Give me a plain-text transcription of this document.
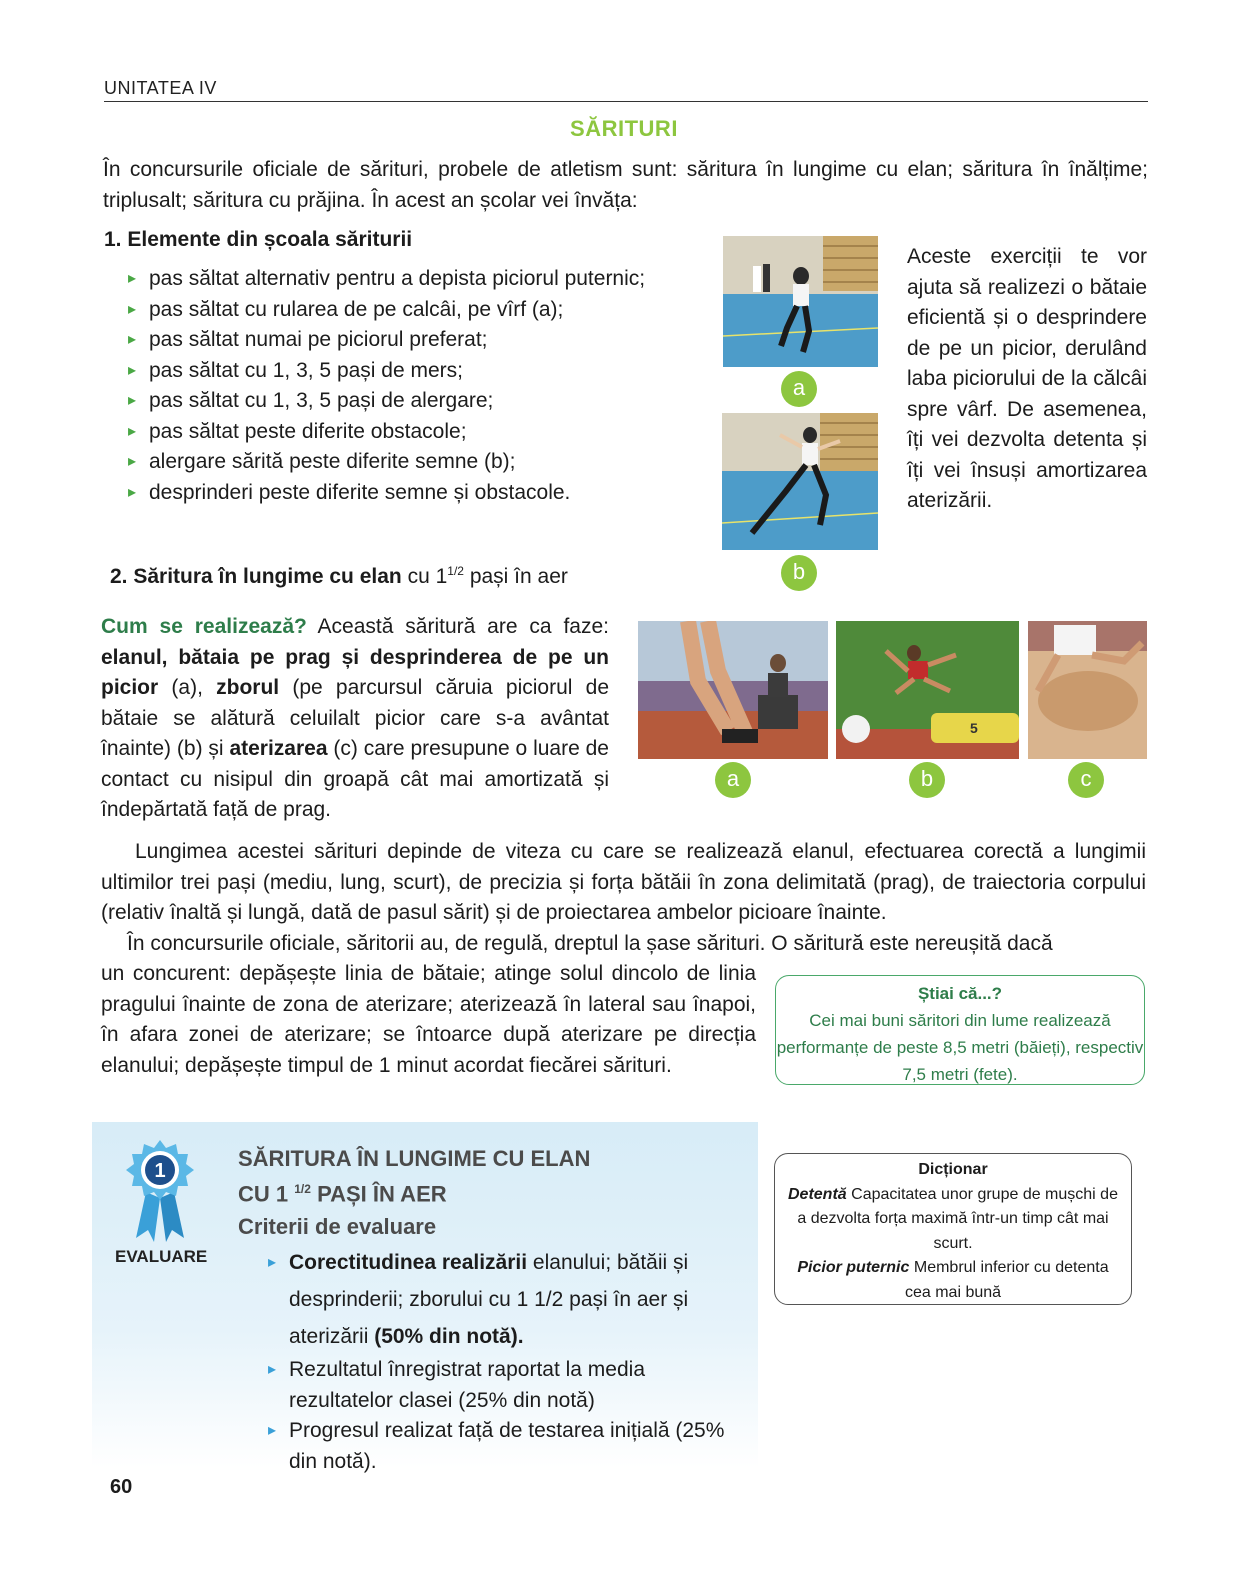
UNITATEA IV
SĂRITURI
În concursurile oficiale de sărituri, probele de atletism sunt: săritura în lungime cu elan; săritura în înălțime; triplusalt; săritura cu prăjina. În acest an școlar vei învăța:
1. Elemente din școala săriturii
▸ pas săltat alternativ pentru a depista piciorul puternic;
▸ pas săltat cu rularea de pe calcâi, pe vîrf (a);
▸ pas săltat numai pe piciorul preferat;
▸ pas săltat cu 1, 3, 5 pași de mers;
▸ pas săltat cu 1, 3, 5 pași de alergare;
▸ pas săltat peste diferite obstacole;
▸ alergare sărită peste diferite semne (b);
▸ desprinderi peste diferite semne și obstacole.
a
b
Aceste exerciții te vor ajuta să realizezi o bătaie eficientă și o desprindere de pe un picior, derulând laba piciorului de la călcâi spre vârf. De asemenea, îți vei dezvolta detenta și îți vei însuși amortizarea aterizării.
2. Săritura în lungime cu elan cu $1^{1/2}$ pași în aer
Cum se realizează? Această săritură are ca faze: elanul, bătaia pe prag și desprinderea de pe un picior (a), zborul (pe parcursul căruia piciorul de bătaie se alătură celuilalt picior care s-a avântat înainte) (b) și aterizarea (c) care presupune o luare de contact cu nisipul din groapă cât mai amortizată și îndepărtată față de prag.
5
a	b	c
Lungimea acestei sărituri depinde de viteza cu care se realizează elanul, efectuarea corectă a lungimii ultimilor trei pași (mediu, lung, scurt), de precizia și forța bătăii în zona delimitată (prag), de traiectoria corpului (relativ înaltă și lungă, dată de pasul sărit) și de proiectarea ambelor picioare înainte.
În concursurile oficiale, săritorii au, de regulă, dreptul la șase sărituri. O săritură este nereușită dacă
un concurent: depășește linia de bătaie; atinge solul dincolo de linia pragului înainte de zona de aterizare; aterizează în lateral sau înapoi, în afara zonei de aterizare; se întoarce după aterizare pe direcția elanului; depășește timpul de 1 minut acordat fiecărei sărituri.
Știai că...?
Cei mai buni săritori din lume realizează performanțe de peste 8,5 metri (băieți), respectiv 7,5 metri (fete).
1
EVALUARE
SĂRITURA ÎN LUNGIME CU ELAN
CU 1 $^{1/2}$ PAȘI ÎN AER
Criterii de evaluare
▸ Corectitudinea realizării elanului; bătăii și desprinderii; zborului cu 1 1/2 pași în aer și aterizării (50% din notă).
▸ Rezultatul înregistrat raportat la media rezultatelor clasei (25% din notă)
▸ Progresul realizat față de testarea inițială (25% din notă).
Dicționar
Detentă Capacitatea unor grupe de mușchi de a dezvolta forța maximă într-un timp cât mai scurt.
Picior puternic Membrul inferior cu detenta cea mai bună
60
